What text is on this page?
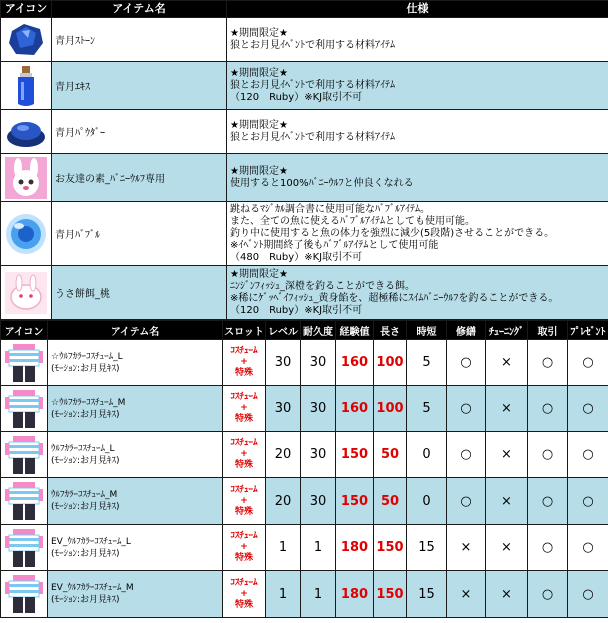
アイコン	アイテム名	仕様

	青月ｽﾄｰﾝ	★期間限定★
狼とお月見ｲﾍﾞﾝﾄで利用する材料ｱｲﾃﾑ

	青月ｴｷｽ	★期間限定★
狼とお月見ｲﾍﾞﾝﾄで利用する材料ｱｲﾃﾑ
（120　Ruby）※KJ取引不可

	青月ﾊﾟｳﾀﾞｰ	★期間限定★
狼とお月見ｲﾍﾞﾝﾄで利用する材料ｱｲﾃﾑ

	お友達の素_ﾊﾞﾆｰｳﾙﾌ専用	★期間限定★
使用すると100%ﾊﾞﾆｰｳﾙﾌと仲良くなれる

	青月ﾊﾞﾌﾞﾙ	跳ねるﾏｼﾞｶﾙ調合書に使用可能なﾊﾞﾌﾞﾙｱｲﾃﾑ。
また、全ての魚に使えるﾊﾞﾌﾞﾙｱｲﾃﾑとしても使用可能。
釣り中に使用すると魚の体力を強烈に減少(5段階)させることができる。
※ｲﾍﾞﾝﾄ期間終了後もﾊﾞﾌﾞﾙｱｲﾃﾑとして使用可能
（480　Ruby）※KJ取引不可

	うさ餅餌_桃	★期間限定★
ﾆﾝｼﾞﾝﾌｨｯｼｭ_深橙を釣ることができる餌。
※稀にｹﾞｯﾍﾞｲﾌｨｯｼｭ_黄身餡を、超極稀にｽｲﾑﾊﾞﾆｰｳﾙﾌを釣ることができる。
（120　Ruby）※KJ取引不可
アイコン	アイテム名	スロット	レベル	耐久度	経験値	長さ	時短	修繕	ﾁｭｰﾆﾝｸﾞ	取引	ﾌﾟﾚｾﾞﾝﾄ

☆ｳﾙﾌｶﾗｰｺｽﾁｭｰﾑ_L
(ﾓｰｼｮﾝ:お月見ｷｽ)	ｺｽﾁｭｰﾑ
+
特殊	30	30	160	100	5	○	×	○	○

☆ｳﾙﾌｶﾗｰｺｽﾁｭｰﾑ_M
(ﾓｰｼｮﾝ:お月見ｷｽ)	ｺｽﾁｭｰﾑ
+
特殊	30	30	160	100	5	○	×	○	○

ｳﾙﾌｶﾗｰｺｽﾁｭｰﾑ_L
(ﾓｰｼｮﾝ:お月見ｷｽ)	ｺｽﾁｭｰﾑ
+
特殊	20	30	150	50	0	○	×	○	○

ｳﾙﾌｶﾗｰｺｽﾁｭｰﾑ_M
(ﾓｰｼｮﾝ:お月見ｷｽ)	ｺｽﾁｭｰﾑ
+
特殊	20	30	150	50	0	○	×	○	○

EV_ｳﾙﾌｶﾗｰｺｽﾁｭｰﾑ_L
(ﾓｰｼｮﾝ:お月見ｷｽ)	ｺｽﾁｭｰﾑ
+
特殊	1	1	180	150	15	×	×	○	○

EV_ｳﾙﾌｶﾗｰｺｽﾁｭｰﾑ_M
(ﾓｰｼｮﾝ:お月見ｷｽ)	ｺｽﾁｭｰﾑ
+
特殊	1	1	180	150	15	×	×	○	○
